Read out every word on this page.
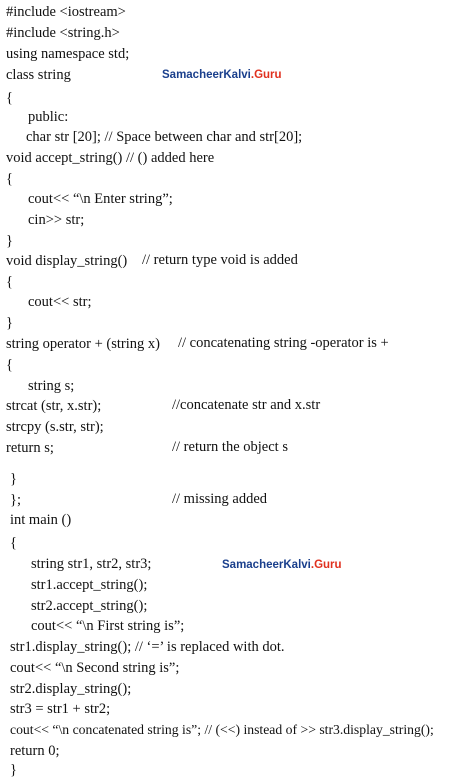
#include <iostream>
#include <string.h>
using namespace std;
class string	SamacheerKalvi.Guru
{
public:
char str [20]; // Space between char and str[20];
void accept_string() // () added here
{
cout<< “\n Enter string”;
cin>> str;
}
void display_string() // return type void is added
{
cout<< str;
}
string operator + (string x) // concatenating string -operator is +
{
string s;
strcat (str, x.str);	//concatenate str and x.str
strcpy (s.str, str);
return s;	// return the object s
}
};	// missing added
int main ()
{
string str1, str2, str3;	SamacheerKalvi.Guru
str1.accept_string();
str2.accept_string();
cout<< “\n First string is”;
str1.display_string(); // ‘=’ is replaced with dot.
cout<< “\n Second string is”;
str2.display_string();
str3 = str1 + str2;
cout<< “\n concatenated string is”; // (<<) instead of >> str3.display_string();
return 0;
}
